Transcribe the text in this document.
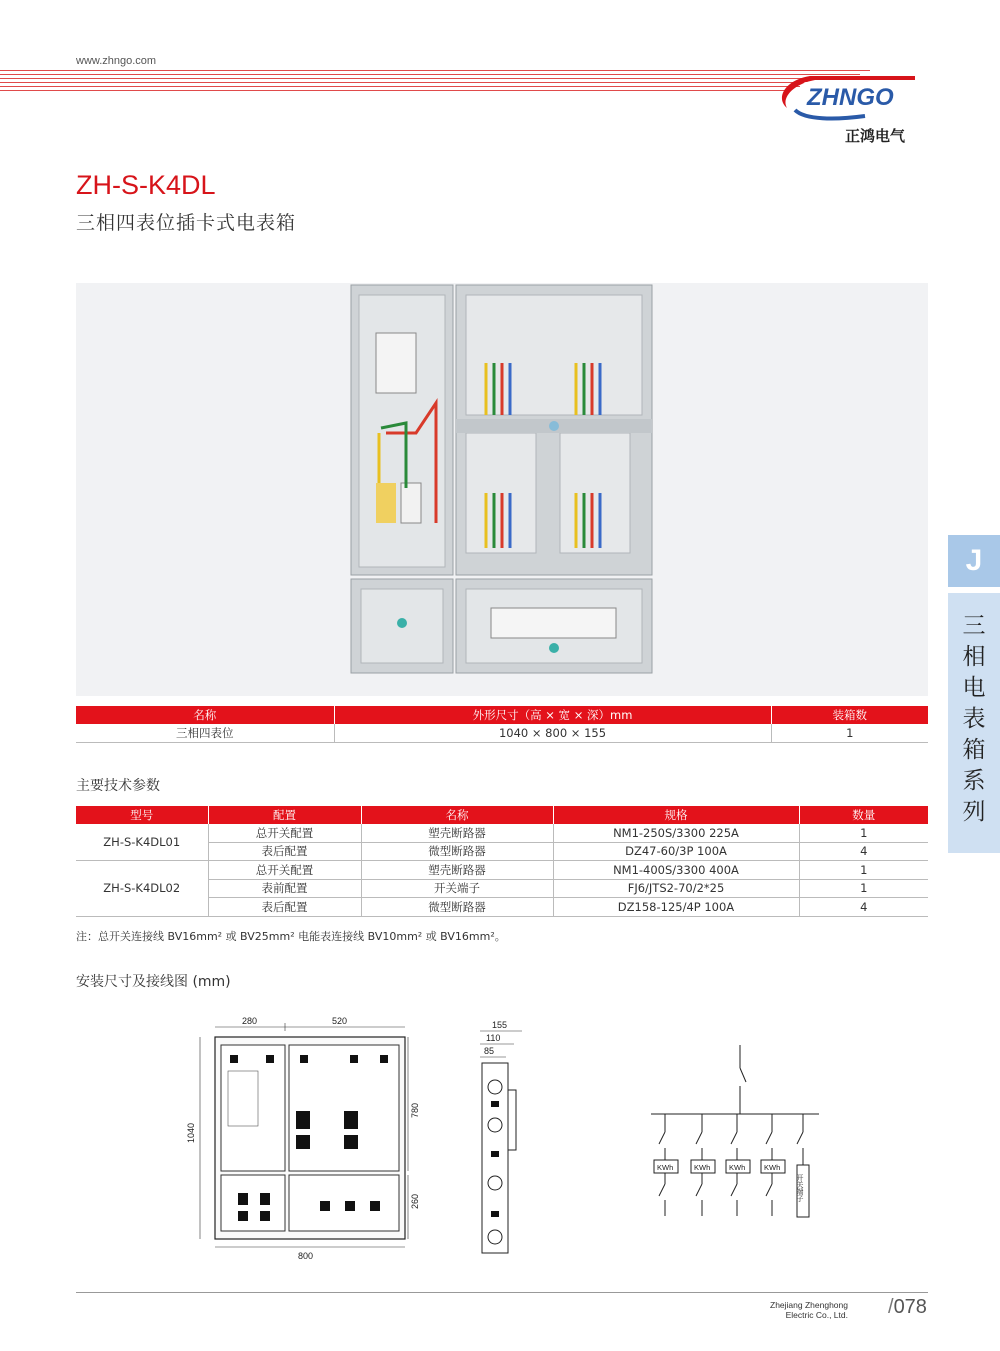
www.zhngo.com
ZHNGO
正鸿电气
ZH-S-K4DL
三相四表位插卡式电表箱
名称	外形尺寸（高 × 宽 × 深）mm	装箱数
三相四表位	1040 × 800 × 155	1
主要技术参数
型号	配置	名称	规格	数量
ZH-S-K4DL01	总开关配置	塑壳断路器	NM1-250S/3300 225A	1
	表后配置	微型断路器	DZ47-60/3P 100A	4
ZH-S-K4DL02	总开关配置	塑壳断路器	NM1-400S/3300 400A	1
	表前配置	开关端子	FJ6/JTS2-70/2*25	1
	表后配置	微型断路器	DZ158-125/4P 100A	4
注：总开关连接线 BV16mm² 或 BV25mm² 电能表连接线 BV10mm² 或 BV16mm²。
安装尺寸及接线图 (mm)
280	520
1040
780
260
800
155
110
85
KWh	KWh KWh KWh
开关端子
J
三
相
电
表
箱
系
列
Zhejiang Zhenghong
Electric Co., Ltd. /078
